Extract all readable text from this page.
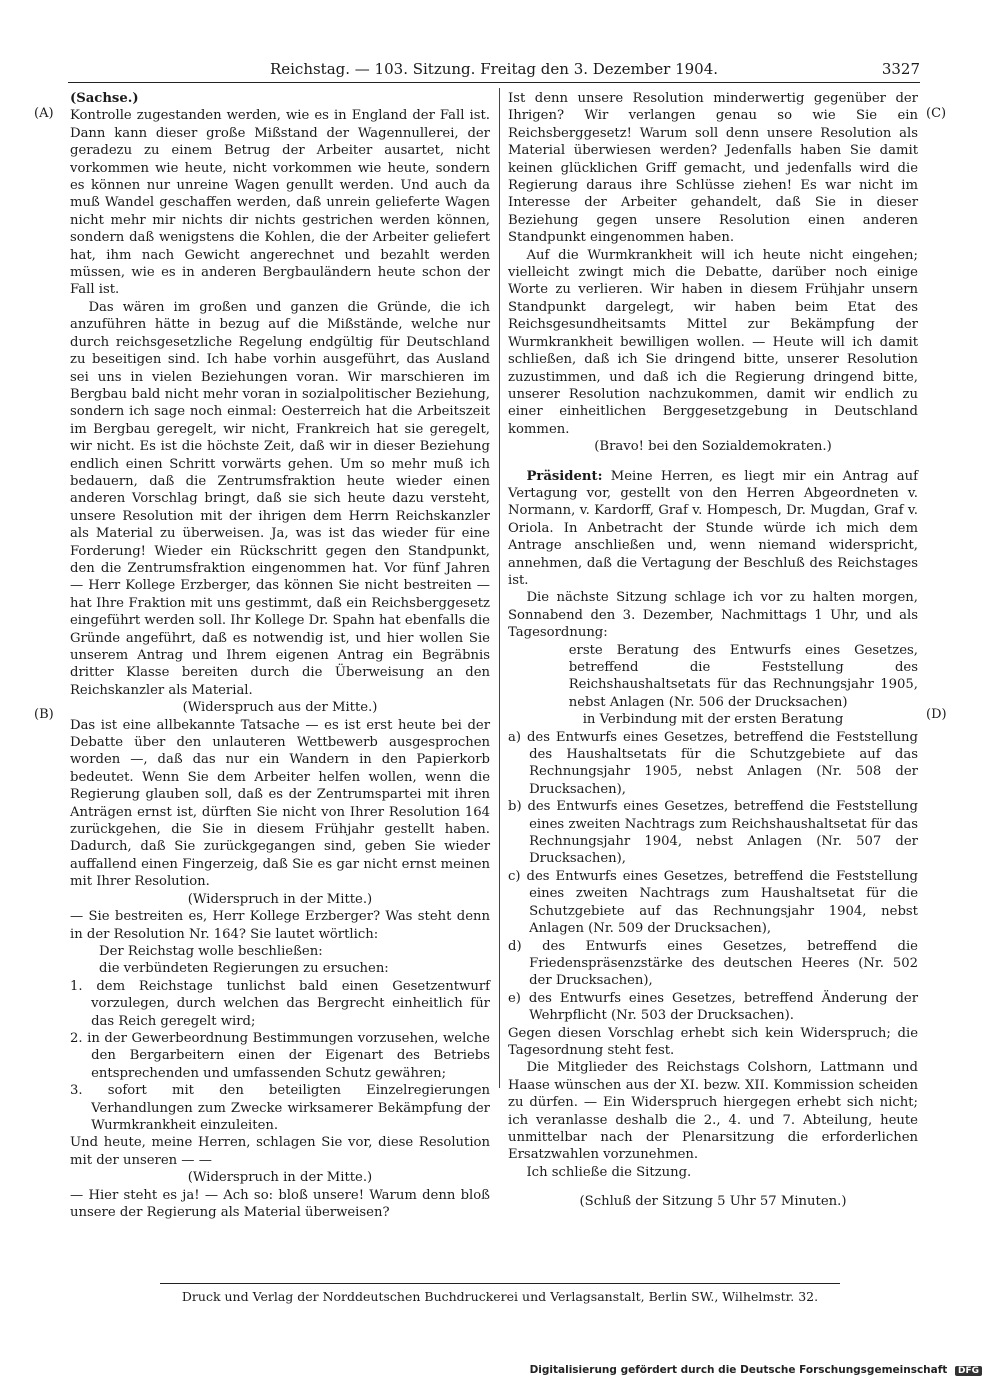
Reichstag. — 103. Sitzung. Freitag den 3. Dezember 1904.	3327
(A)
(B)
(C)
(D)

(Sachse.)

Kontrolle zugestanden werden, wie es in England der Fall ist. Dann kann dieser große Mißstand der Wagennullerei, der geradezu zu einem Betrug der Arbeiter ausartet, nicht vorkommen wie heute, nicht vorkommen wie heute, sondern es können nur unreine Wagen genullt werden. Und auch da muß Wandel geschaffen werden, daß unrein gelieferte Wagen nicht mehr mir nichts dir nichts gestrichen werden können, sondern daß wenigstens die Kohlen, die der Arbeiter geliefert hat, ihm nach Gewicht angerechnet und bezahlt werden müssen, wie es in anderen Bergbauländern heute schon der Fall ist.

Das wären im großen und ganzen die Gründe, die ich anzuführen hätte in bezug auf die Mißstände, welche nur durch reichsgesetzliche Regelung endgültig für Deutschland zu beseitigen sind. Ich habe vorhin ausgeführt, das Ausland sei uns in vielen Beziehungen voran. Wir marschieren im Bergbau bald nicht mehr voran in sozialpolitischer Beziehung, sondern ich sage noch einmal: Oesterreich hat die Arbeitszeit im Bergbau geregelt, wir nicht, Frankreich hat sie geregelt, wir nicht. Es ist die höchste Zeit, daß wir in dieser Beziehung endlich einen Schritt vorwärts gehen. Um so mehr muß ich bedauern, daß die Zentrumsfraktion heute wieder einen anderen Vorschlag bringt, daß sie sich heute dazu versteht, unsere Resolution mit der ihrigen dem Herrn Reichskanzler als Material zu überweisen. Ja, was ist das wieder für eine Forderung! Wieder ein Rückschritt gegen den Standpunkt, den die Zentrumsfraktion eingenommen hat. Vor fünf Jahren — Herr Kollege Erzberger, das können Sie nicht bestreiten — hat Ihre Fraktion mit uns gestimmt, daß ein Reichsberggesetz eingeführt werden soll. Ihr Kollege Dr. Spahn hat ebenfalls die Gründe angeführt, daß es notwendig ist, und hier wollen Sie unserem Antrag und Ihrem eigenen Antrag ein Begräbnis dritter Klasse bereiten durch die Überweisung an den Reichskanzler als Material.

(Widerspruch aus der Mitte.)

Das ist eine allbekannte Tatsache — es ist erst heute bei der Debatte über den unlauteren Wettbewerb ausgesprochen worden —, daß das nur ein Wandern in den Papierkorb bedeutet. Wenn Sie dem Arbeiter helfen wollen, wenn die Regierung glauben soll, daß es der Zentrumspartei mit ihren Anträgen ernst ist, dürften Sie nicht von Ihrer Resolution 164 zurückgehen, die Sie in diesem Frühjahr gestellt haben. Dadurch, daß Sie zurückgegangen sind, geben Sie wieder auffallend einen Fingerzeig, daß Sie es gar nicht ernst meinen mit Ihrer Resolution.

(Widerspruch in der Mitte.)

— Sie bestreiten es, Herr Kollege Erzberger? Was steht denn in der Resolution Nr. 164? Sie lautet wörtlich:

Der Reichstag wolle beschließen:

die verbündeten Regierungen zu ersuchen:

1. dem Reichstage tunlichst bald einen Gesetzentwurf vorzulegen, durch welchen das Bergrecht einheitlich für das Reich geregelt wird;

2. in der Gewerbeordnung Bestimmungen vorzusehen, welche den Bergarbeitern einen der Eigenart des Betriebs entsprechenden und umfassenden Schutz gewähren;

3. sofort mit den beteiligten Einzelregierungen Verhandlungen zum Zwecke wirksamerer Bekämpfung der Wurmkrankheit einzuleiten.

Und heute, meine Herren, schlagen Sie vor, diese Resolution mit der unseren — —

(Widerspruch in der Mitte.)

— Hier steht es ja! — Ach so: bloß unsere! Warum denn bloß unsere der Regierung als Material überweisen?

Ist denn unsere Resolution minderwertig gegenüber der Ihrigen? Wir verlangen genau so wie Sie ein Reichsberggesetz! Warum soll denn unsere Resolution als Material überwiesen werden? Jedenfalls haben Sie damit keinen glücklichen Griff gemacht, und jedenfalls wird die Regierung daraus ihre Schlüsse ziehen! Es war nicht im Interesse der Arbeiter gehandelt, daß Sie in dieser Beziehung gegen unsere Resolution einen anderen Standpunkt eingenommen haben.

Auf die Wurmkrankheit will ich heute nicht eingehen; vielleicht zwingt mich die Debatte, darüber noch einige Worte zu verlieren. Wir haben in diesem Frühjahr unsern Standpunkt dargelegt, wir haben beim Etat des Reichsgesundheitsamts Mittel zur Bekämpfung der Wurmkrankheit bewilligen wollen. — Heute will ich damit schließen, daß ich Sie dringend bitte, unserer Resolution zuzustimmen, und daß ich die Regierung dringend bitte, unserer Resolution nachzukommen, damit wir endlich zu einer einheitlichen Berggesetzgebung in Deutschland kommen.

(Bravo! bei den Sozialdemokraten.)

Präsident: Meine Herren, es liegt mir ein Antrag auf Vertagung vor, gestellt von den Herren Abgeordneten v. Normann, v. Kardorff, Graf v. Hompesch, Dr. Mugdan, Graf v. Oriola. In Anbetracht der Stunde würde ich mich dem Antrage anschließen und, wenn niemand widerspricht, annehmen, daß die Vertagung der Beschluß des Reichstages ist.

Die nächste Sitzung schlage ich vor zu halten morgen, Sonnabend den 3. Dezember, Nachmittags 1 Uhr, und als Tagesordnung:

erste Beratung des Entwurfs eines Gesetzes, betreffend die Feststellung des Reichshaushaltsetats für das Rechnungsjahr 1905, nebst Anlagen (Nr. 506 der Drucksachen)

in Verbindung mit der ersten Beratung

a) des Entwurfs eines Gesetzes, betreffend die Feststellung des Haushaltsetats für die Schutzgebiete auf das Rechnungsjahr 1905, nebst Anlagen (Nr. 508 der Drucksachen),

b) des Entwurfs eines Gesetzes, betreffend die Feststellung eines zweiten Nachtrags zum Reichshaushaltsetat für das Rechnungsjahr 1904, nebst Anlagen (Nr. 507 der Drucksachen),

c) des Entwurfs eines Gesetzes, betreffend die Feststellung eines zweiten Nachtrags zum Haushaltsetat für die Schutzgebiete auf das Rechnungsjahr 1904, nebst Anlagen (Nr. 509 der Drucksachen),

d) des Entwurfs eines Gesetzes, betreffend die Friedenspräsenzstärke des deutschen Heeres (Nr. 502 der Drucksachen),

e) des Entwurfs eines Gesetzes, betreffend Änderung der Wehrpflicht (Nr. 503 der Drucksachen).

Gegen diesen Vorschlag erhebt sich kein Widerspruch; die Tagesordnung steht fest.

Die Mitglieder des Reichstags Colshorn, Lattmann und Haase wünschen aus der XI. bezw. XII. Kommission scheiden zu dürfen. — Ein Widerspruch hiergegen erhebt sich nicht; ich veranlasse deshalb die 2., 4. und 7. Abteilung, heute unmittelbar nach der Plenarsitzung die erforderlichen Ersatzwahlen vorzunehmen.

Ich schließe die Sitzung.

(Schluß der Sitzung 5 Uhr 57 Minuten.)

Druck und Verlag der Norddeutschen Buchdruckerei und Verlagsanstalt, Berlin SW., Wilhelmstr. 32.
Digitalisierung gefördert durch die Deutsche Forschungsgemeinschaft DFG
